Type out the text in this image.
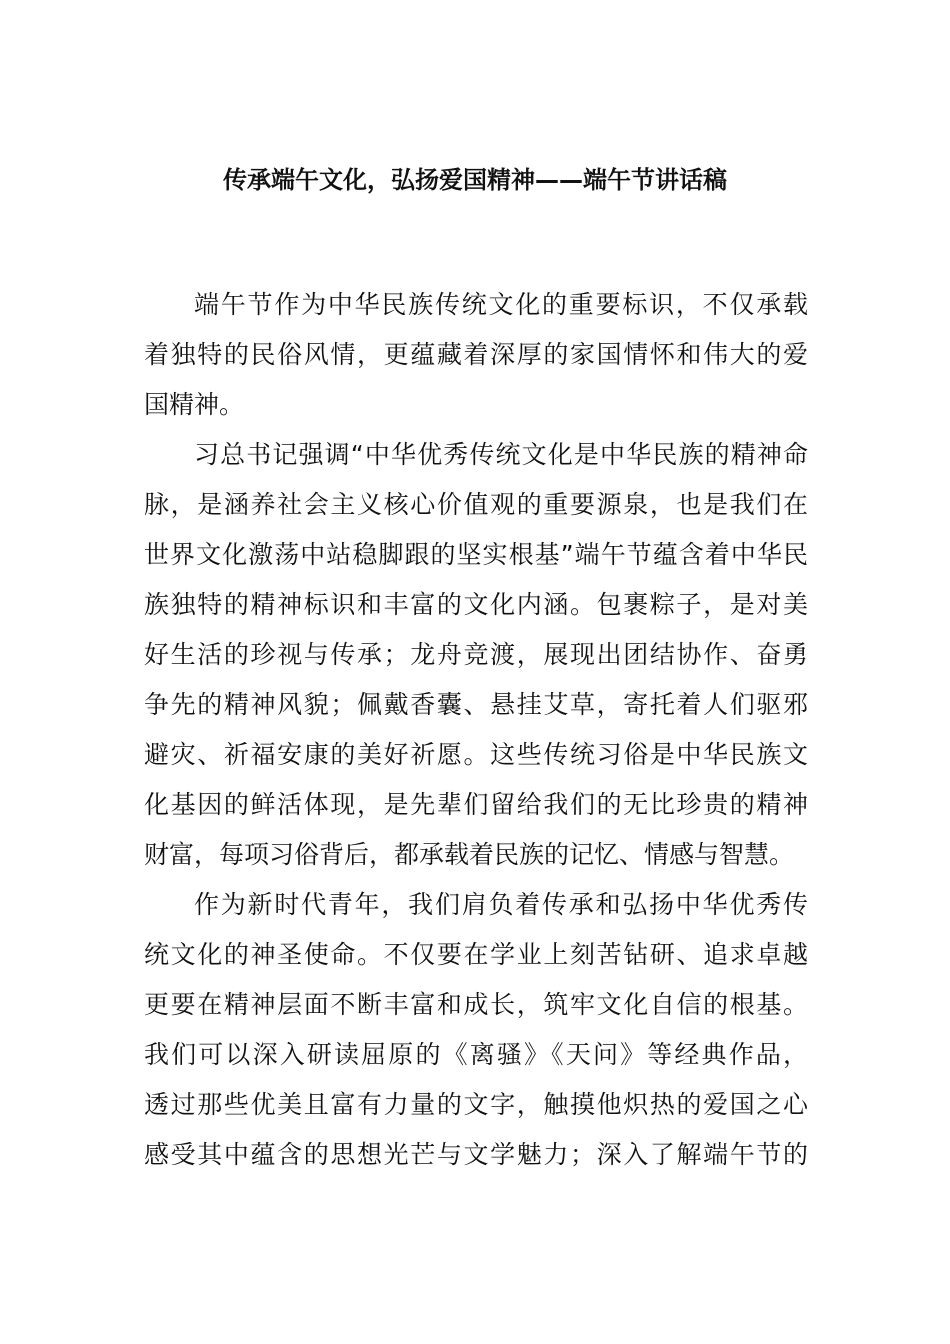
传承端午文化，弘扬爱国精神——端午节讲话稿
端午节作为中华民族传统文化的重要标识，不仅承载
着独特的民俗风情，更蕴藏着深厚的家国情怀和伟大的爱
国精神。
习总书记强调“中华优秀传统文化是中华民族的精神命
脉，是涵养社会主义核心价值观的重要源泉，也是我们在
世界文化激荡中站稳脚跟的坚实根基”端午节蕴含着中华民
族独特的精神标识和丰富的文化内涵。包裹粽子，是对美
好生活的珍视与传承；龙舟竞渡，展现出团结协作、奋勇
争先的精神风貌；佩戴香囊、悬挂艾草，寄托着人们驱邪
避灾、祈福安康的美好祈愿。这些传统习俗是中华民族文
化基因的鲜活体现，是先辈们留给我们的无比珍贵的精神
财富，每项习俗背后，都承载着民族的记忆、情感与智慧。
作为新时代青年，我们肩负着传承和弘扬中华优秀传
统文化的神圣使命。不仅要在学业上刻苦钻研、追求卓越
更要在精神层面不断丰富和成长，筑牢文化自信的根基。
我们可以深入研读屈原的《离骚》《天问》等经典作品，
透过那些优美且富有力量的文字，触摸他炽热的爱国之心
感受其中蕴含的思想光芒与文学魅力；深入了解端午节的
